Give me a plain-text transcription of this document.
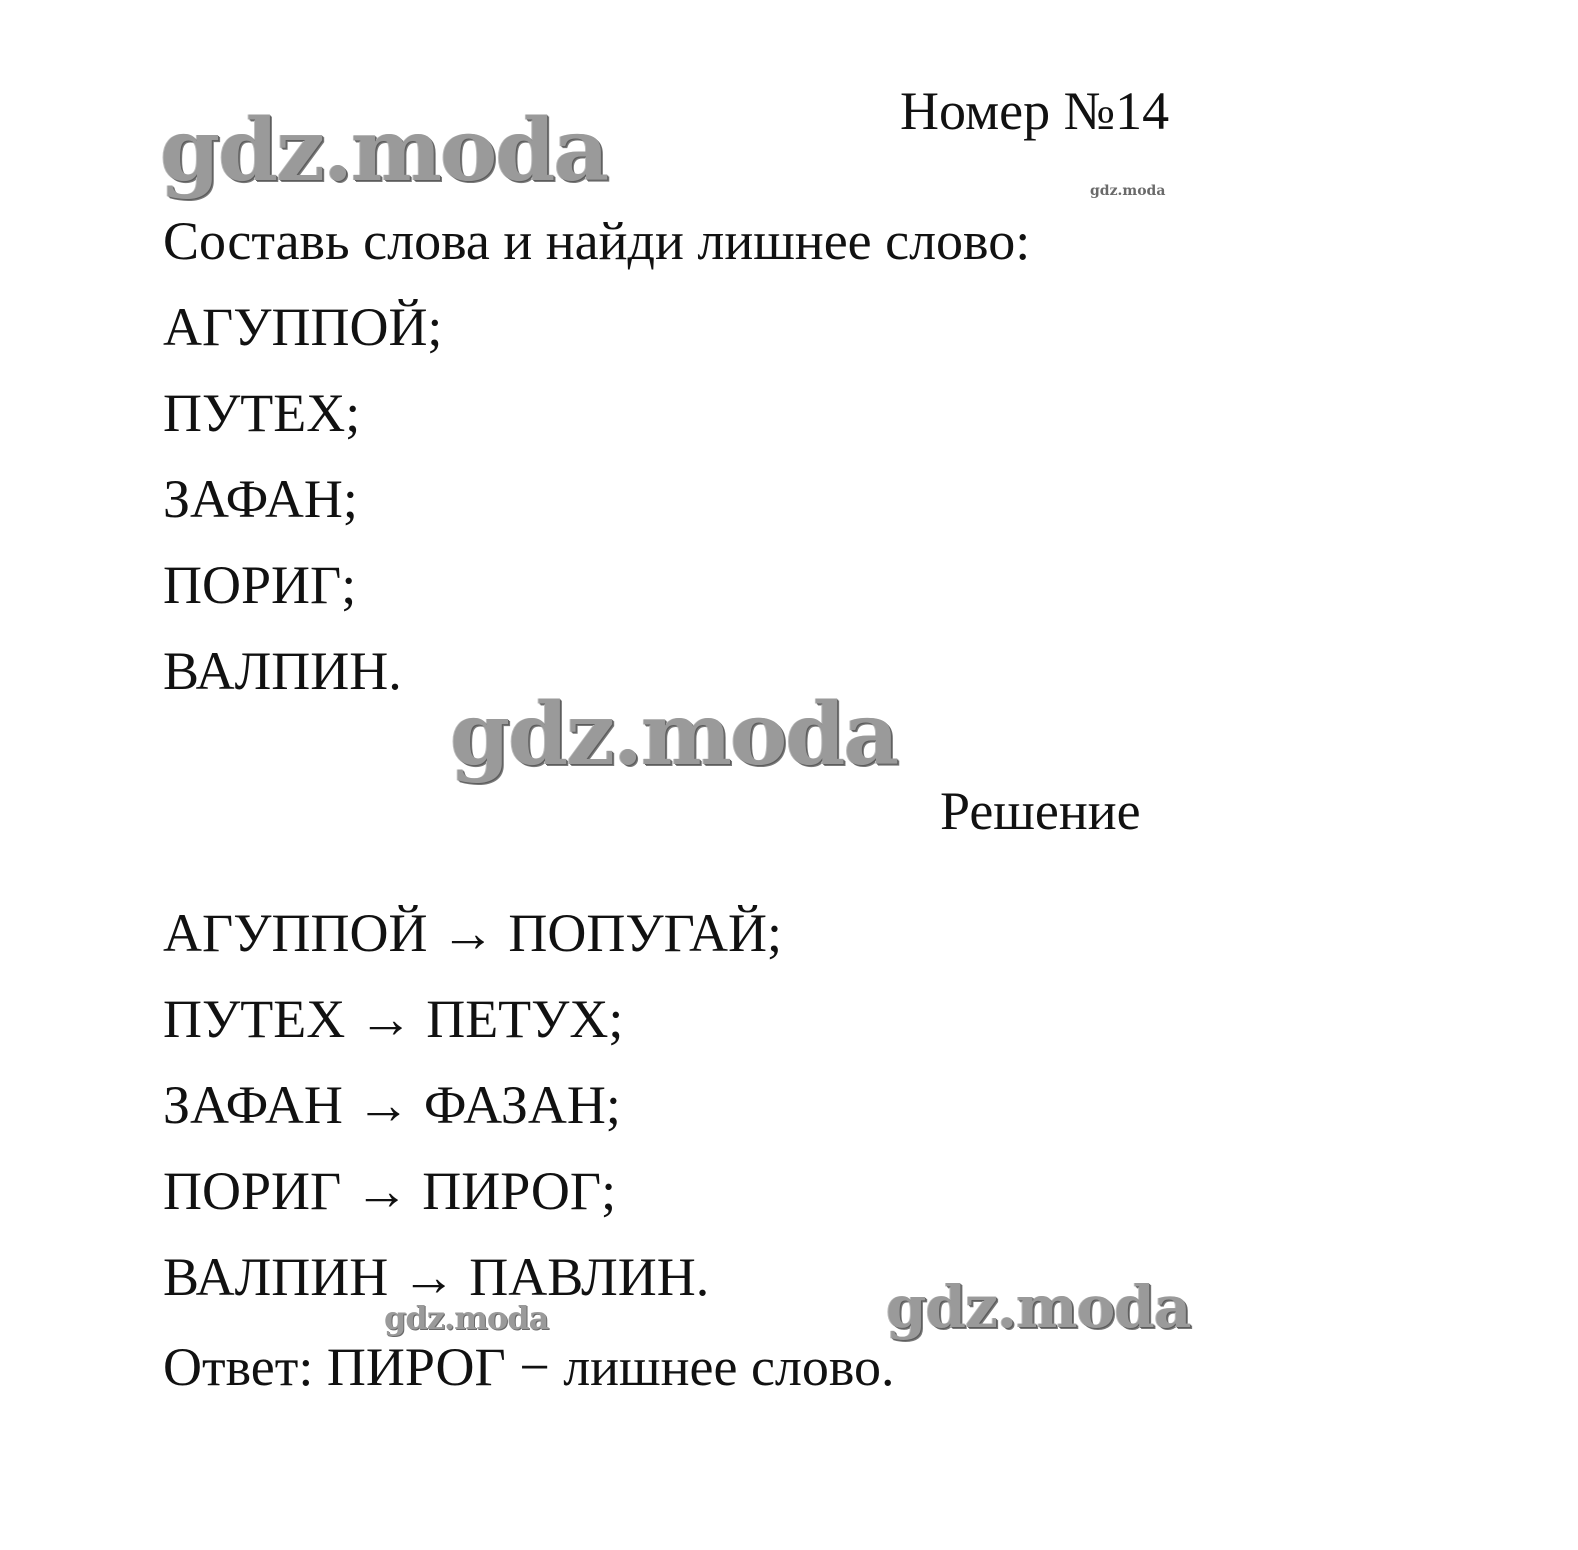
Номер №14
gdz.moda	gdz.moda
Составь слова и найди лишнее слово:
АГУППОЙ;
ПУТЕХ;
ЗАФАН;
ПОРИГ;
ВАЛПИН.
gdz.moda
Решение
АГУППОЙ → ПОПУГАЙ;
ПУТЕХ → ПЕТУХ;
ЗАФАН → ФАЗАН;
ПОРИГ → ПИРОГ;
ВАЛПИН → ПАВЛИН.	gdz.moda
gdz.moda
Ответ: ПИРОГ − лишнее слово.
